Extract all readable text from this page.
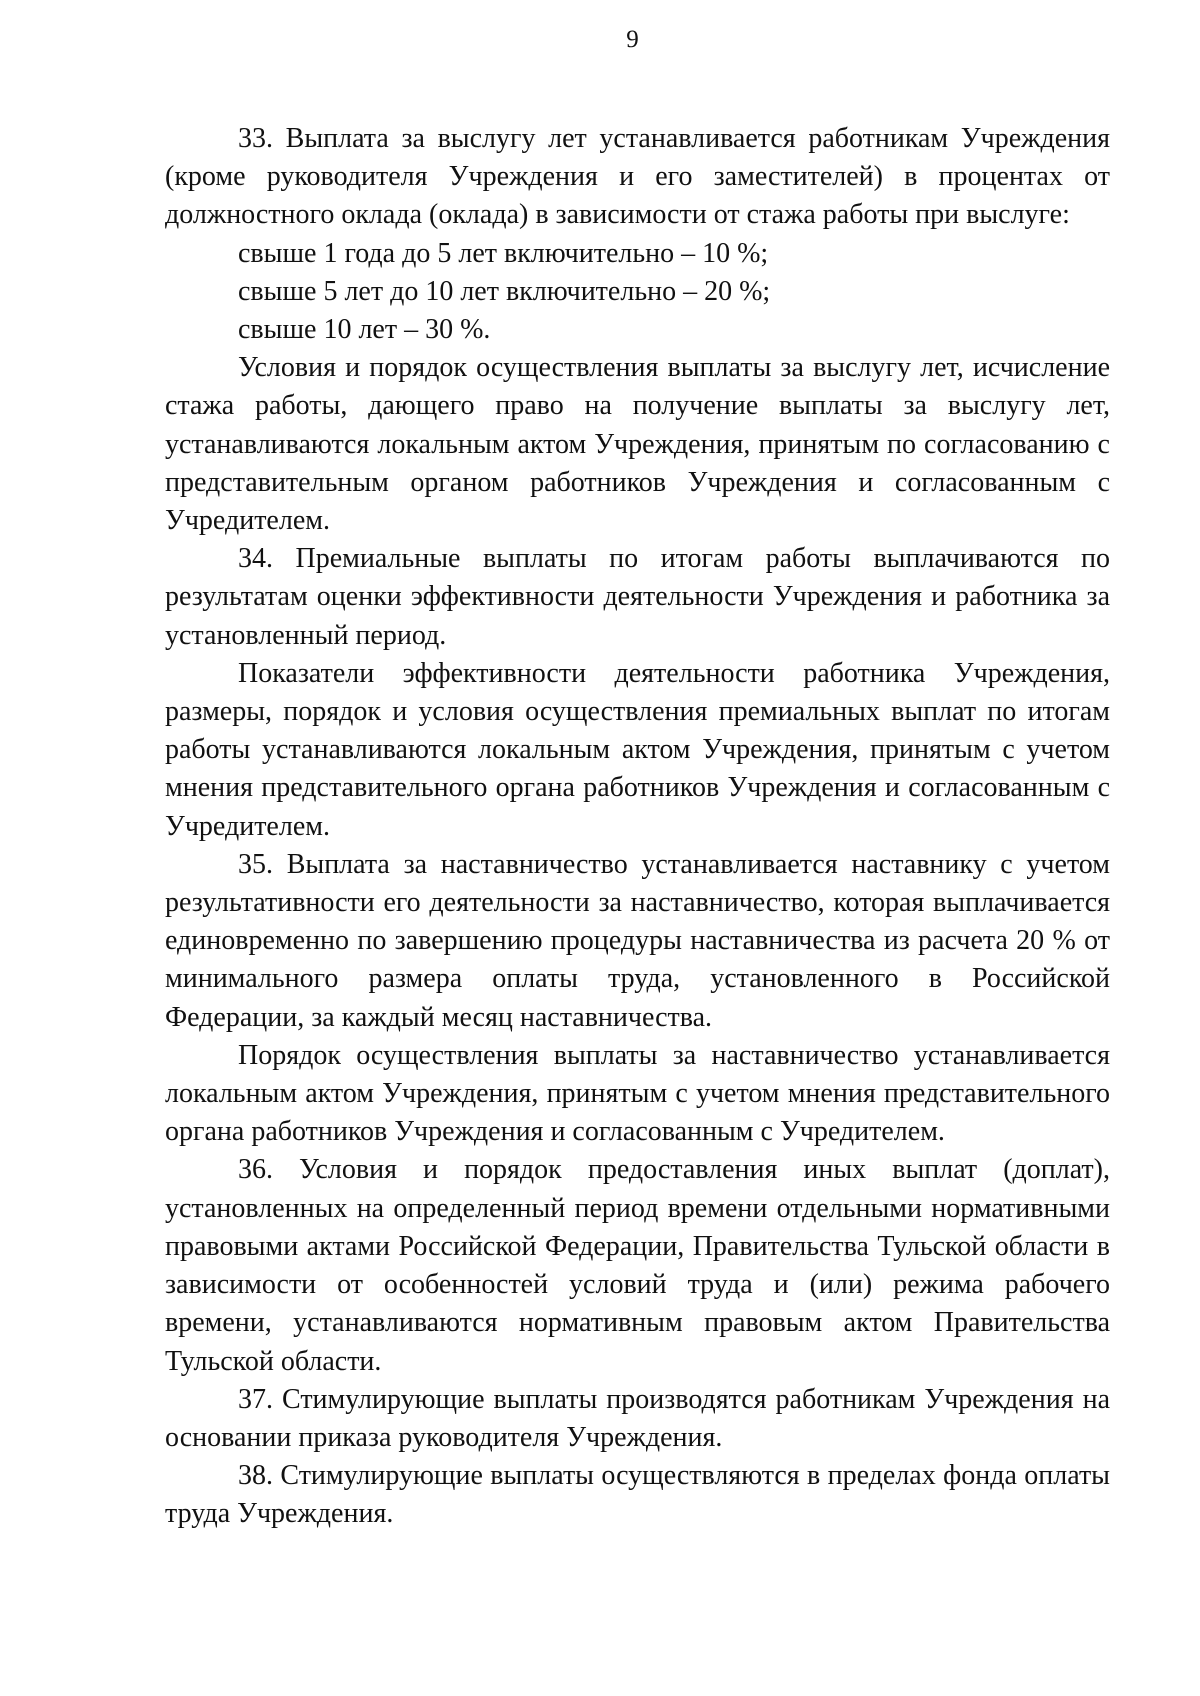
9

33. Выплата за выслугу лет устанавливается работникам Учреждения (кроме руководителя Учреждения и его заместителей) в процентах от должностного оклада (оклада) в зависимости от стажа работы при выслуге:

свыше 1 года до 5 лет включительно – 10 %;

свыше 5 лет до 10 лет включительно – 20 %;

свыше 10 лет – 30 %.

Условия и порядок осуществления выплаты за выслугу лет, исчисление стажа работы, дающего право на получение выплаты за выслугу лет, устанавливаются локальным актом Учреждения, принятым по согласованию с представительным органом работников Учреждения и согласованным с Учредителем.

34. Премиальные выплаты по итогам работы выплачиваются по результатам оценки эффективности деятельности Учреждения и работника за установленный период.

Показатели эффективности деятельности работника Учреждения, размеры, порядок и условия осуществления премиальных выплат по итогам работы устанавливаются локальным актом Учреждения, принятым с учетом мнения представительного органа работников Учреждения и согласованным с Учредителем.

35. Выплата за наставничество устанавливается наставнику с учетом результативности его деятельности за наставничество, которая выплачивается единовременно по завершению процедуры наставничества из расчета 20 % от минимального размера оплаты труда, установленного в Российской Федерации, за каждый месяц наставничества.

Порядок осуществления выплаты за наставничество устанавливается локальным актом Учреждения, принятым с учетом мнения представительного органа работников Учреждения и согласованным с Учредителем.

36. Условия и порядок предоставления иных выплат (доплат), установленных на определенный период времени отдельными нормативными правовыми актами Российской Федерации, Правительства Тульской области в зависимости от особенностей условий труда и (или) режима рабочего времени, устанавливаются нормативным правовым актом Правительства Тульской области.

37. Стимулирующие выплаты производятся работникам Учреждения на основании приказа руководителя Учреждения.

38. Стимулирующие выплаты осуществляются в пределах фонда оплаты труда Учреждения.
